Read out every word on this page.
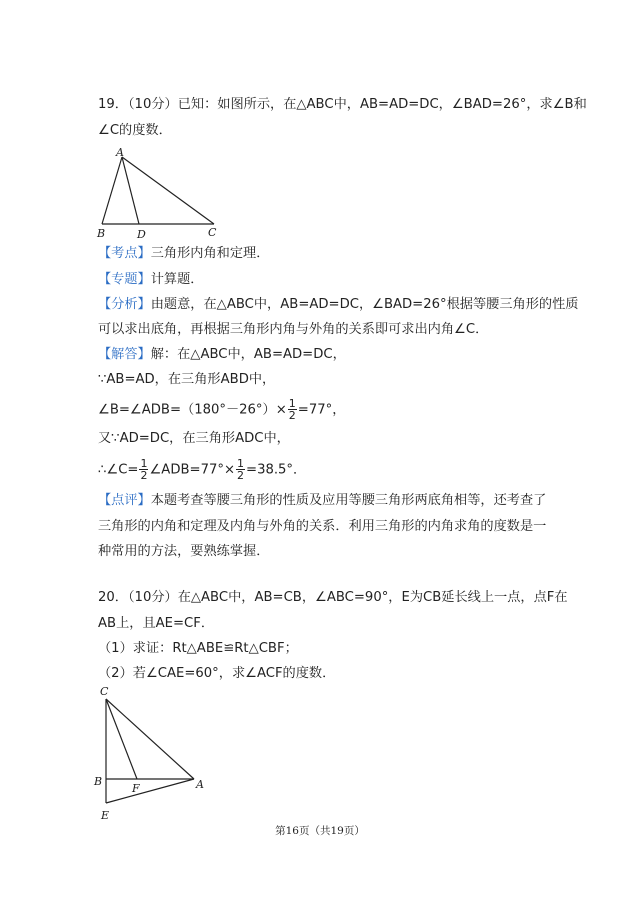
19．（10分）已知：如图所示，在△ABC中，AB=AD=DC，∠BAD=26°，求∠B和
∠C的度数．
A
B	D	C
【考点】三角形内角和定理．
【专题】计算题．
【分析】由题意，在△ABC中，AB=AD=DC，∠BAD=26°根据等腰三角形的性质
可以求出底角，再根据三角形内角与外角的关系即可求出内角∠C．
【解答】解：在△ABC中，AB=AD=DC，
∵AB=AD，在三角形ABD中，
∠B=∠ADB=（180°－26°）× $\frac{1}{2} =77^\circ$，
又∵AD=DC，在三角形ADC中，
∴∠C= $\frac{1}{2}$ ∠ADB=77°× $\frac{1}{2} =38.5^\circ$．
【点评】本题考查等腰三角形的性质及应用等腰三角形两底角相等，还考查了
三角形的内角和定理及内角与外角的关系．利用三角形的内角求角的度数是一
种常用的方法，要熟练掌握．
20．（10分）在△ABC中，AB=CB，∠ABC=90°，E为CB延长线上一点，点F在
AB上，且AE=CF．
（1）求证：Rt△ABE≌Rt△CBF；
（2）若∠CAE=60°，求∠ACF的度数．
C
B
F	A
E
第16页（共19页）
